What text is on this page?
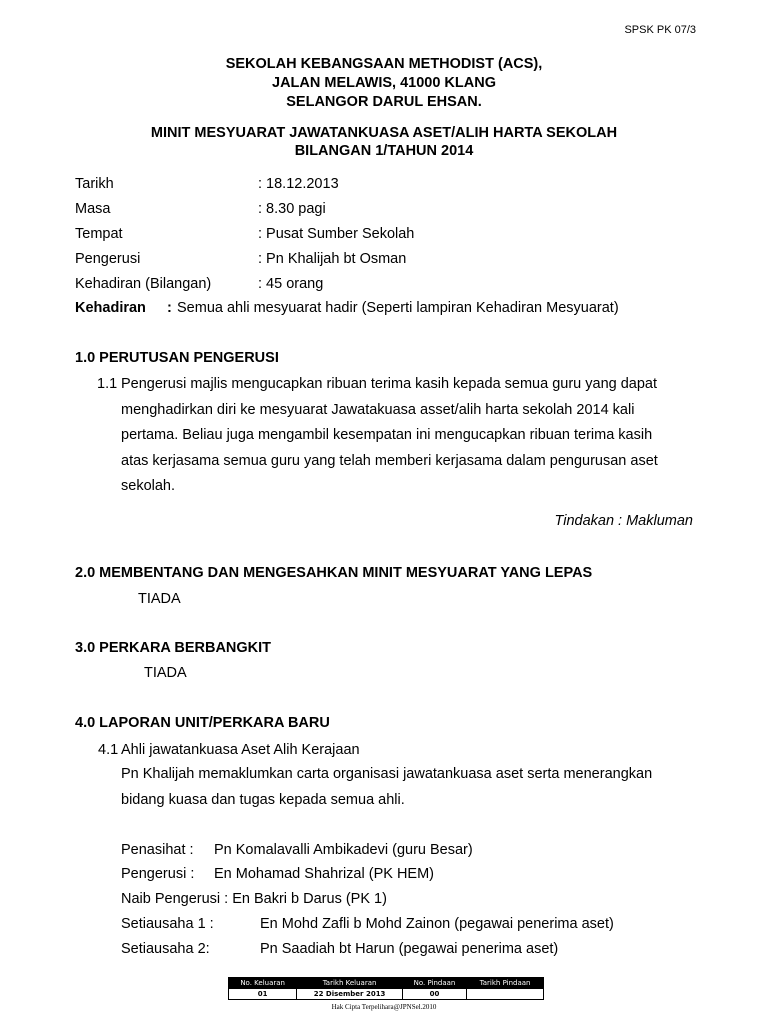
SPSK PK 07/3
SEKOLAH KEBANGSAAN METHODIST (ACS),
JALAN MELAWIS, 41000 KLANG
SELANGOR DARUL EHSAN.
MINIT MESYUARAT JAWATANKUASA ASET/ALIH HARTA SEKOLAH
BILANGAN 1/TAHUN 2014
Tarikh	: 18.12.2013
Masa	: 8.30 pagi
Tempat	: Pusat Sumber Sekolah
Pengerusi	: Pn Khalijah bt Osman
Kehadiran (Bilangan)	: 45 orang
Kehadiran : Semua ahli mesyuarat hadir (Seperti lampiran Kehadiran Mesyuarat)
1.0 PERUTUSAN PENGERUSI
1.1 Pengerusi majlis mengucapkan ribuan terima kasih kepada semua guru yang dapat
menghadirkan diri ke mesyuarat Jawatakuasa asset/alih harta sekolah 2014 kali
pertama. Beliau juga mengambil kesempatan ini mengucapkan ribuan terima kasih
atas kerjasama semua guru yang telah memberi kerjasama dalam pengurusan aset
sekolah.
Tindakan : Makluman
2.0 MEMBENTANG DAN MENGESAHKAN MINIT MESYUARAT YANG LEPAS
TIADA
3.0 PERKARA BERBANGKIT
TIADA
4.0 LAPORAN UNIT/PERKARA BARU
4.1 Ahli jawatankuasa Aset Alih Kerajaan
Pn Khalijah memaklumkan carta organisasi jawatankuasa aset serta menerangkan
bidang kuasa dan tugas kepada semua ahli.
Penasihat : Pn Komalavalli Ambikadevi (guru Besar)
Pengerusi : En Mohamad Shahrizal (PK HEM)
Naib Pengerusi : En Bakri b Darus (PK 1)
Setiausaha 1 :	En Mohd Zafli b Mohd Zainon (pegawai penerima aset)
Setiausaha 2:	Pn Saadiah bt Harun (pegawai penerima aset)
No. Keluaran	Tarikh Keluaran	No. Pindaan	Tarikh Pindaan
01	22 Disember 2013	00	
Hak Cipta Terpelihara@JPNSel.2010
